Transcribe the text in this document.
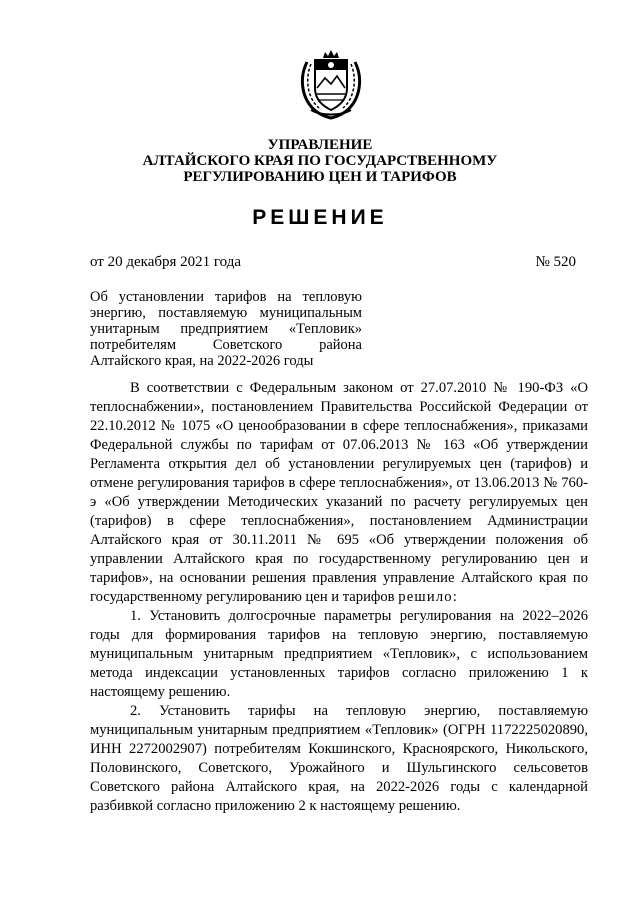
УПРАВЛЕНИЕ
АЛТАЙСКОГО КРАЯ ПО ГОСУДАРСТВЕННОМУ
РЕГУЛИРОВАНИЮ ЦЕН И ТАРИФОВ
РЕШЕНИЕ
от 20 декабря 2021 года	№ 520
Об установлении тарифов на тепловую
энергию, поставляемую муниципальным
унитарным предприятием «Тепловик»
потребителям Советского района
Алтайского края, на 2022-2026 годы

В соответствии с Федеральным законом от 27.07.2010 № 190-ФЗ «О теплоснабжении», постановлением Правительства Российской Федерации от 22.10.2012 № 1075 «О ценообразовании в сфере теплоснабжения», приказами Федеральной службы по тарифам от 07.06.2013 № 163 «Об утверждении Регламента открытия дел об установлении регулируемых цен (тарифов) и отмене регулирования тарифов в сфере теплоснабжения», от 13.06.2013 № 760-э «Об утверждении Методических указаний по расчету регулируемых цен (тарифов) в сфере теплоснабжения», постановлением Администрации Алтайского края от 30.11.2011 № 695 «Об утверждении положения об управлении Алтайского края по государственному регулированию цен и тарифов», на основании решения правления управление Алтайского края по государственному регулированию цен и тарифов решило:

1. Установить долгосрочные параметры регулирования на 2022–2026 годы для формирования тарифов на тепловую энергию, поставляемую муниципальным унитарным предприятием «Тепловик», с использованием метода индексации установленных тарифов согласно приложению 1 к настоящему решению.

2. Установить тарифы на тепловую энергию, поставляемую муниципальным унитарным предприятием «Тепловик» (ОГРН 1172225020890, ИНН 2272002907) потребителям Кокшинского, Красноярского, Никольского, Половинского, Советского, Урожайного и Шульгинского сельсоветов Советского района Алтайского края, на 2022-2026 годы с календарной разбивкой согласно приложению 2 к настоящему решению.
